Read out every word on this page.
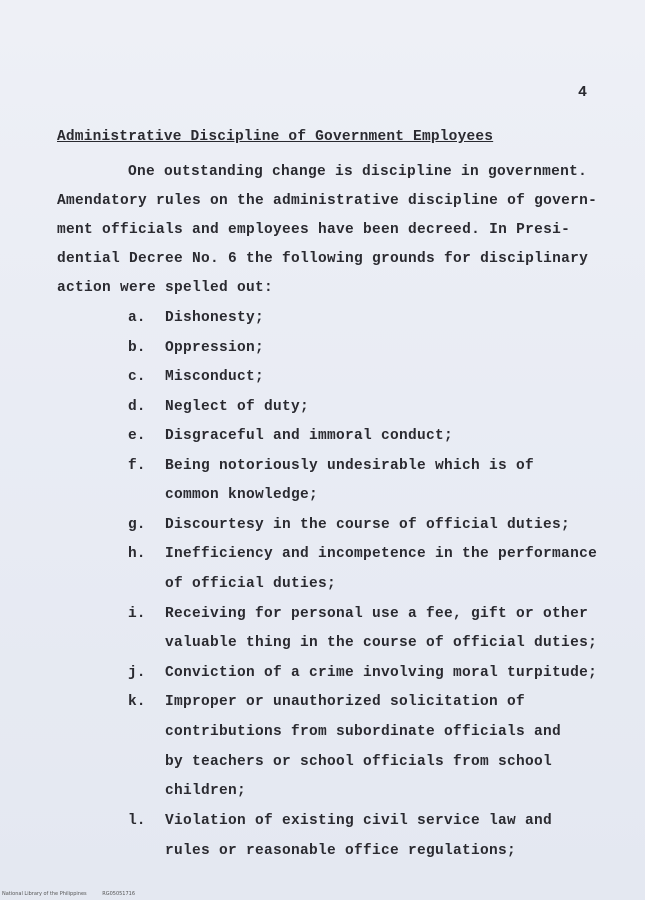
4
Administrative Discipline of Government Employees
One outstanding change is discipline in government.
Amendatory rules on the administrative discipline of govern-
ment officials and employees have been decreed. In Presi-
dential Decree No. 6 the following grounds for disciplinary
action were spelled out:
a. Dishonesty;
b. Oppression;
c. Misconduct;
d. Neglect of duty;
e. Disgraceful and immoral conduct;
f. Being notoriously undesirable which is of
common knowledge;
g. Discourtesy in the course of official duties;
h. Inefficiency and incompetence in the performance
of official duties;
i. Receiving for personal use a fee, gift or other
valuable thing in the course of official duties;
j. Conviction of a crime involving moral turpitude;
k. Improper or unauthorized solicitation of
contributions from subordinate officials and
by teachers or school officials from school
children;
l. Violation of existing civil service law and
rules or reasonable office regulations;
National Library of the Philippines	RG05051716
